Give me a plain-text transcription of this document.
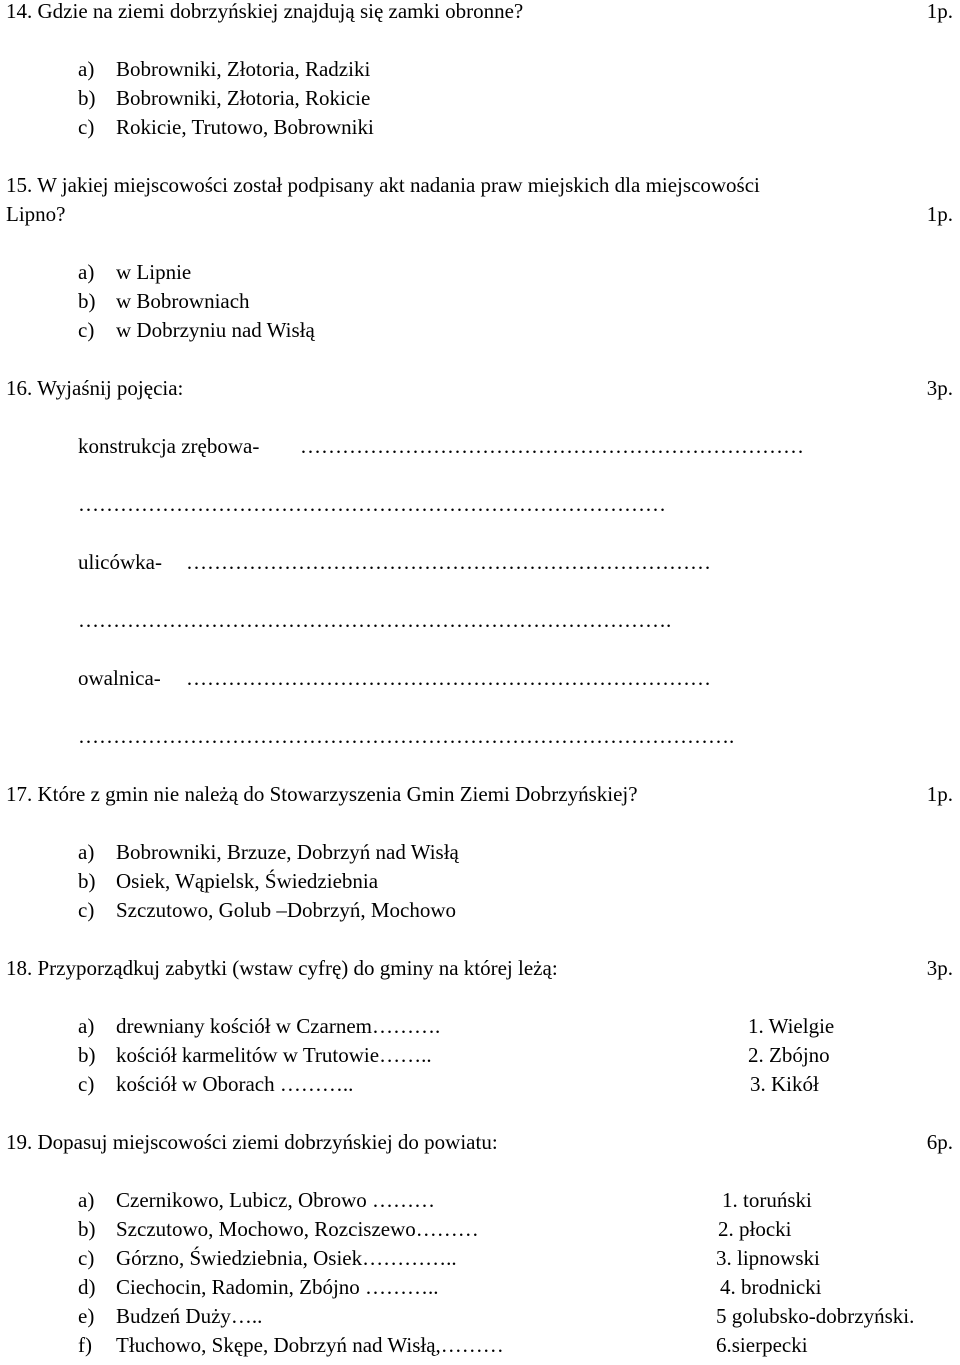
14. Gdzie na ziemi dobrzyńskiej znajdują się zamki obronne?	1p.
a) Bobrowniki, Złotoria, Radziki
b) Bobrowniki, Złotoria, Rokicie
c) Rokicie, Trutowo, Bobrowniki
15. W jakiej miejscowości został podpisany akt nadania praw miejskich dla miejscowości
Lipno?	1p.
a) w Lipnie
b) w Bobrowniach
c) w Dobrzyniu nad Wisłą
16. Wyjaśnij pojęcia:	3p.
konstrukcja zrębowa- ………………………………………………………………
…………………………………………………………………………
ulicówka- …………………………………………………………………
………………………………………………………………………….
owalnica- …………………………………………………………………
………………………………………………………………………………….
17. Które z gmin nie należą do Stowarzyszenia Gmin Ziemi Dobrzyńskiej?	1p.
a) Bobrowniki, Brzuze, Dobrzyń nad Wisłą
b) Osiek, Wąpielsk, Świedziebnia
c) Szczutowo, Golub –Dobrzyń, Mochowo
18. Przyporządkuj zabytki (wstaw cyfrę) do gminy na której leżą:	3p.
a) drewniany kościół w Czarnem……….	1. Wielgie
b) kościół karmelitów w Trutowie……..	2. Zbójno
c) kościół w Oborach ………..	3. Kikół
19. Dopasuj miejscowości ziemi dobrzyńskiej do powiatu:	6p.
a) Czernikowo, Lubicz, Obrowo ………	1. toruński
b) Szczutowo, Mochowo, Rozciszewo………	2. płocki
c) Górzno, Świedziebnia, Osiek…………..	3. lipnowski
d) Ciechocin, Radomin, Zbójno ………..	4. brodnicki
e) Budzeń Duży…..	5 golubsko-dobrzyński.
f) Tłuchowo, Skępe, Dobrzyń nad Wisłą,………	6.sierpecki
